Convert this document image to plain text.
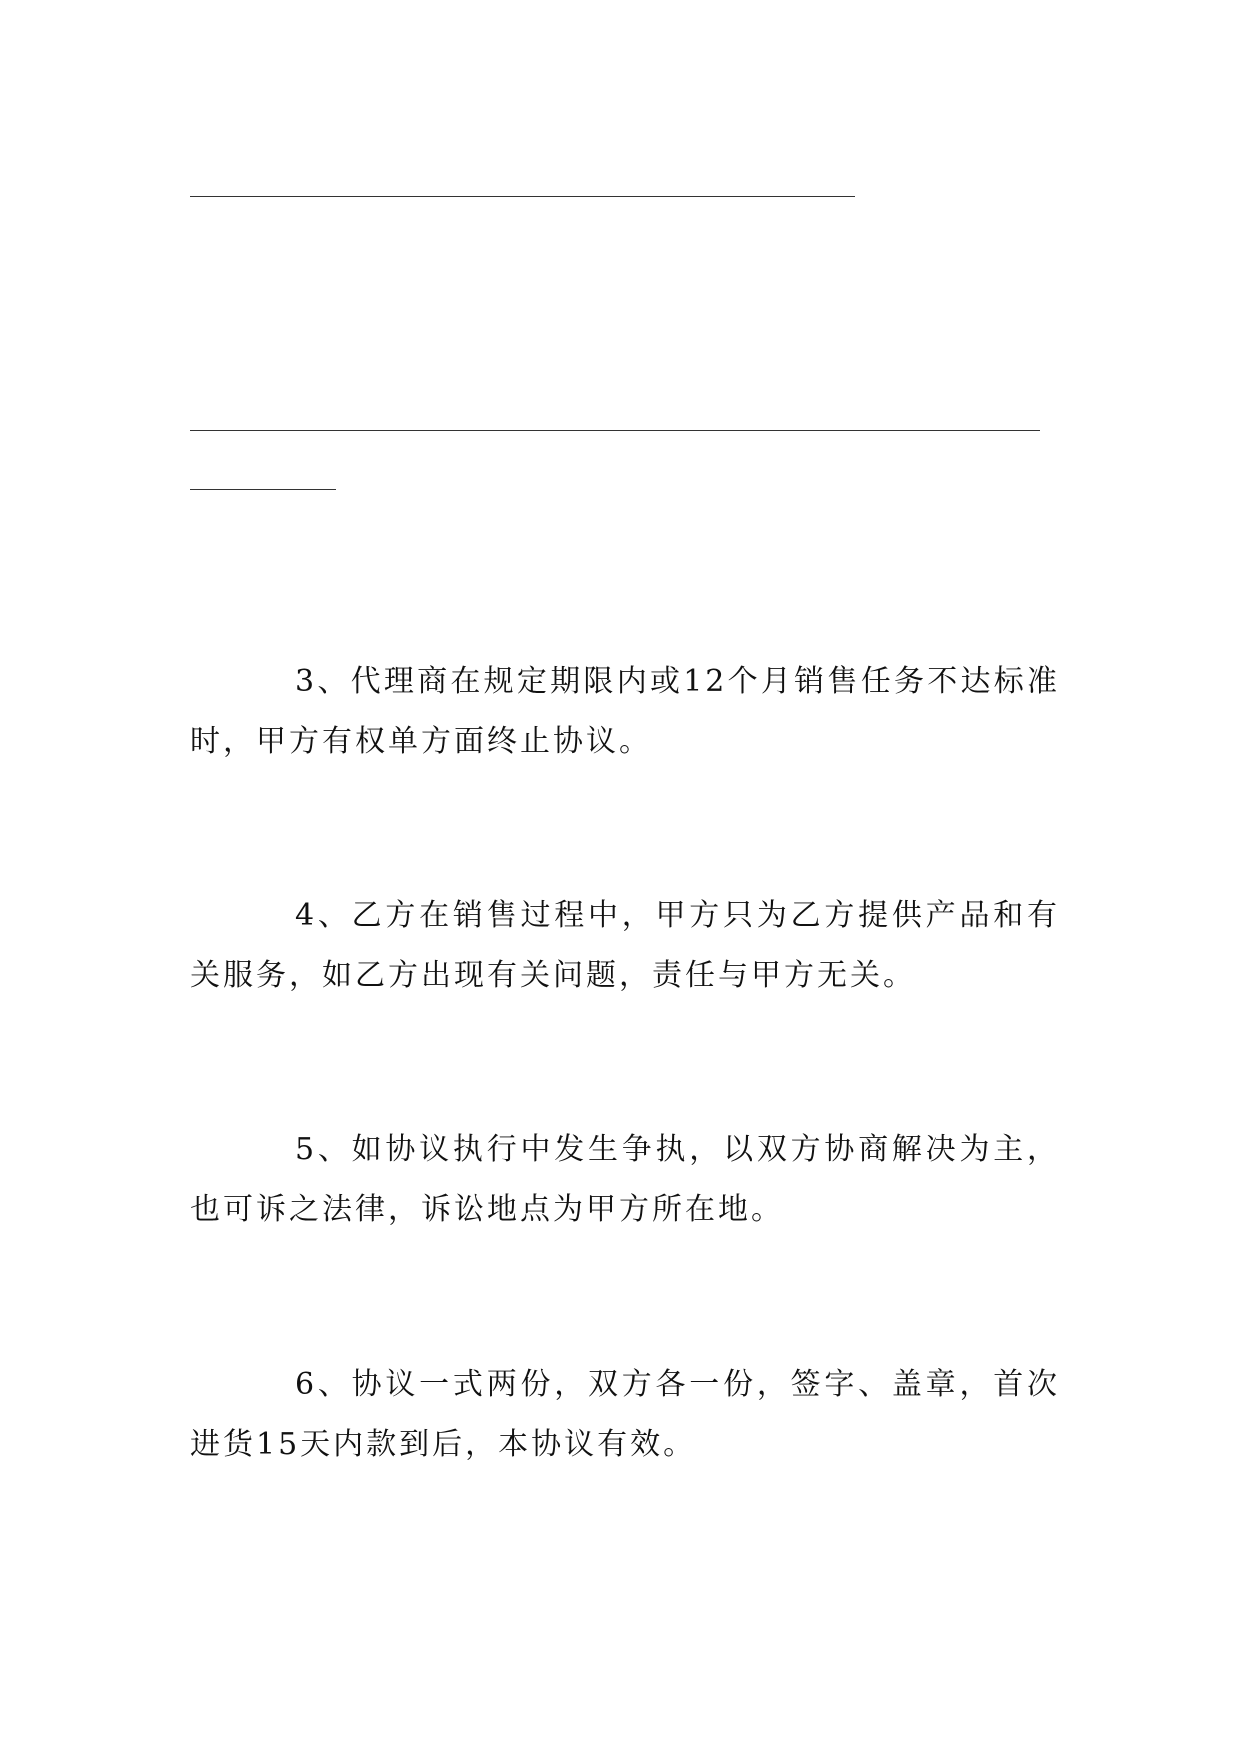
3、代理商在规定期限内或12个月销售任务不达标准时，甲方有权单方面终止协议。

4、乙方在销售过程中，甲方只为乙方提供产品和有关服务，如乙方出现有关问题，责任与甲方无关。

5、如协议执行中发生争执，以双方协商解决为主，也可诉之法律，诉讼地点为甲方所在地。

6、协议一式两份，双方各一份，签字、盖章，首次进货15天内款到后，本协议有效。
